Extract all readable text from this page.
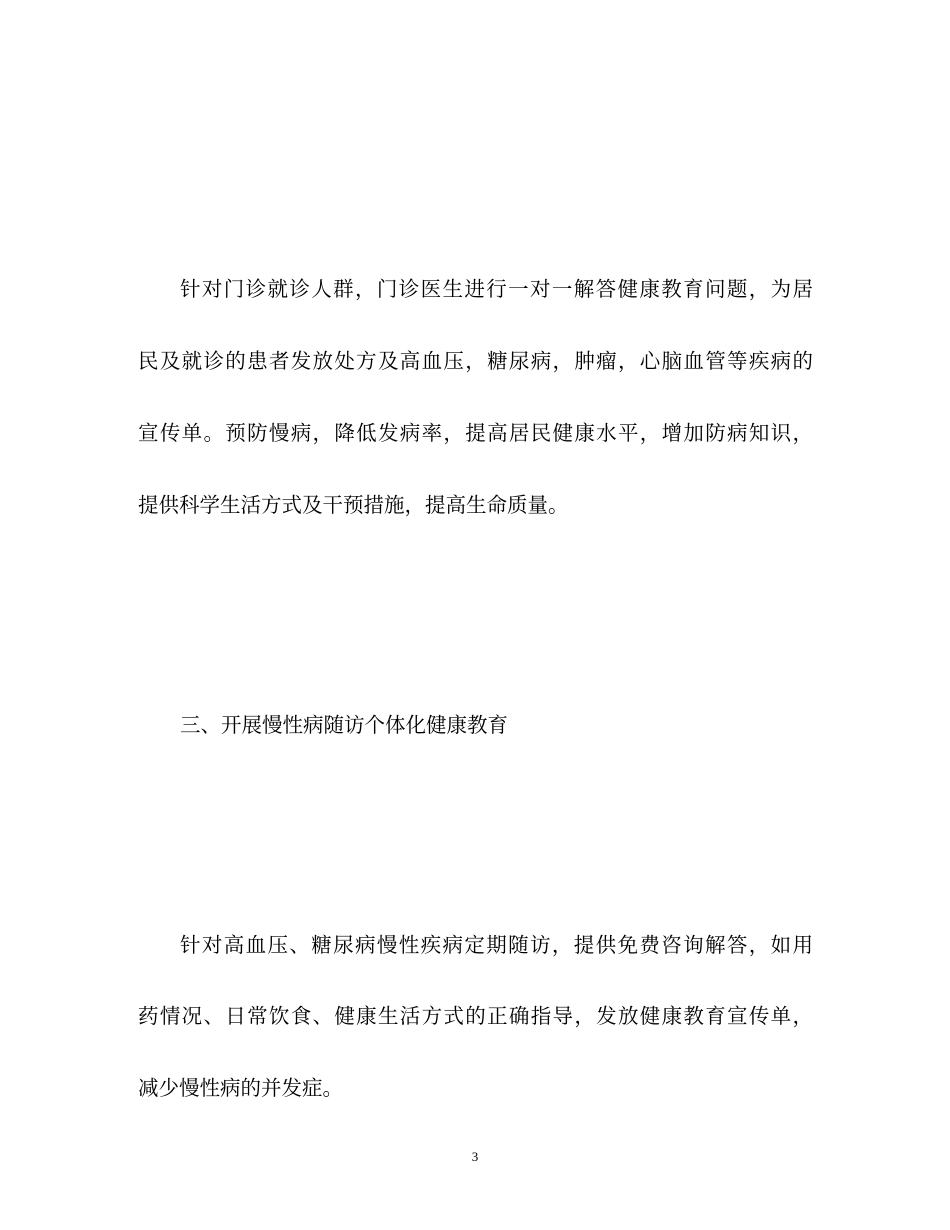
针对门诊就诊人群，门诊医生进行一对一解答健康教育问题，为居
民及就诊的患者发放处方及高血压，糖尿病，肿瘤，心脑血管等疾病的
宣传单。预防慢病，降低发病率，提高居民健康水平，增加防病知识，
提供科学生活方式及干预措施，提高生命质量。
三、开展慢性病随访个体化健康教育
针对高血压、糖尿病慢性疾病定期随访，提供免费咨询解答，如用
药情况、日常饮食、健康生活方式的正确指导，发放健康教育宣传单，
减少慢性病的并发症。
3
